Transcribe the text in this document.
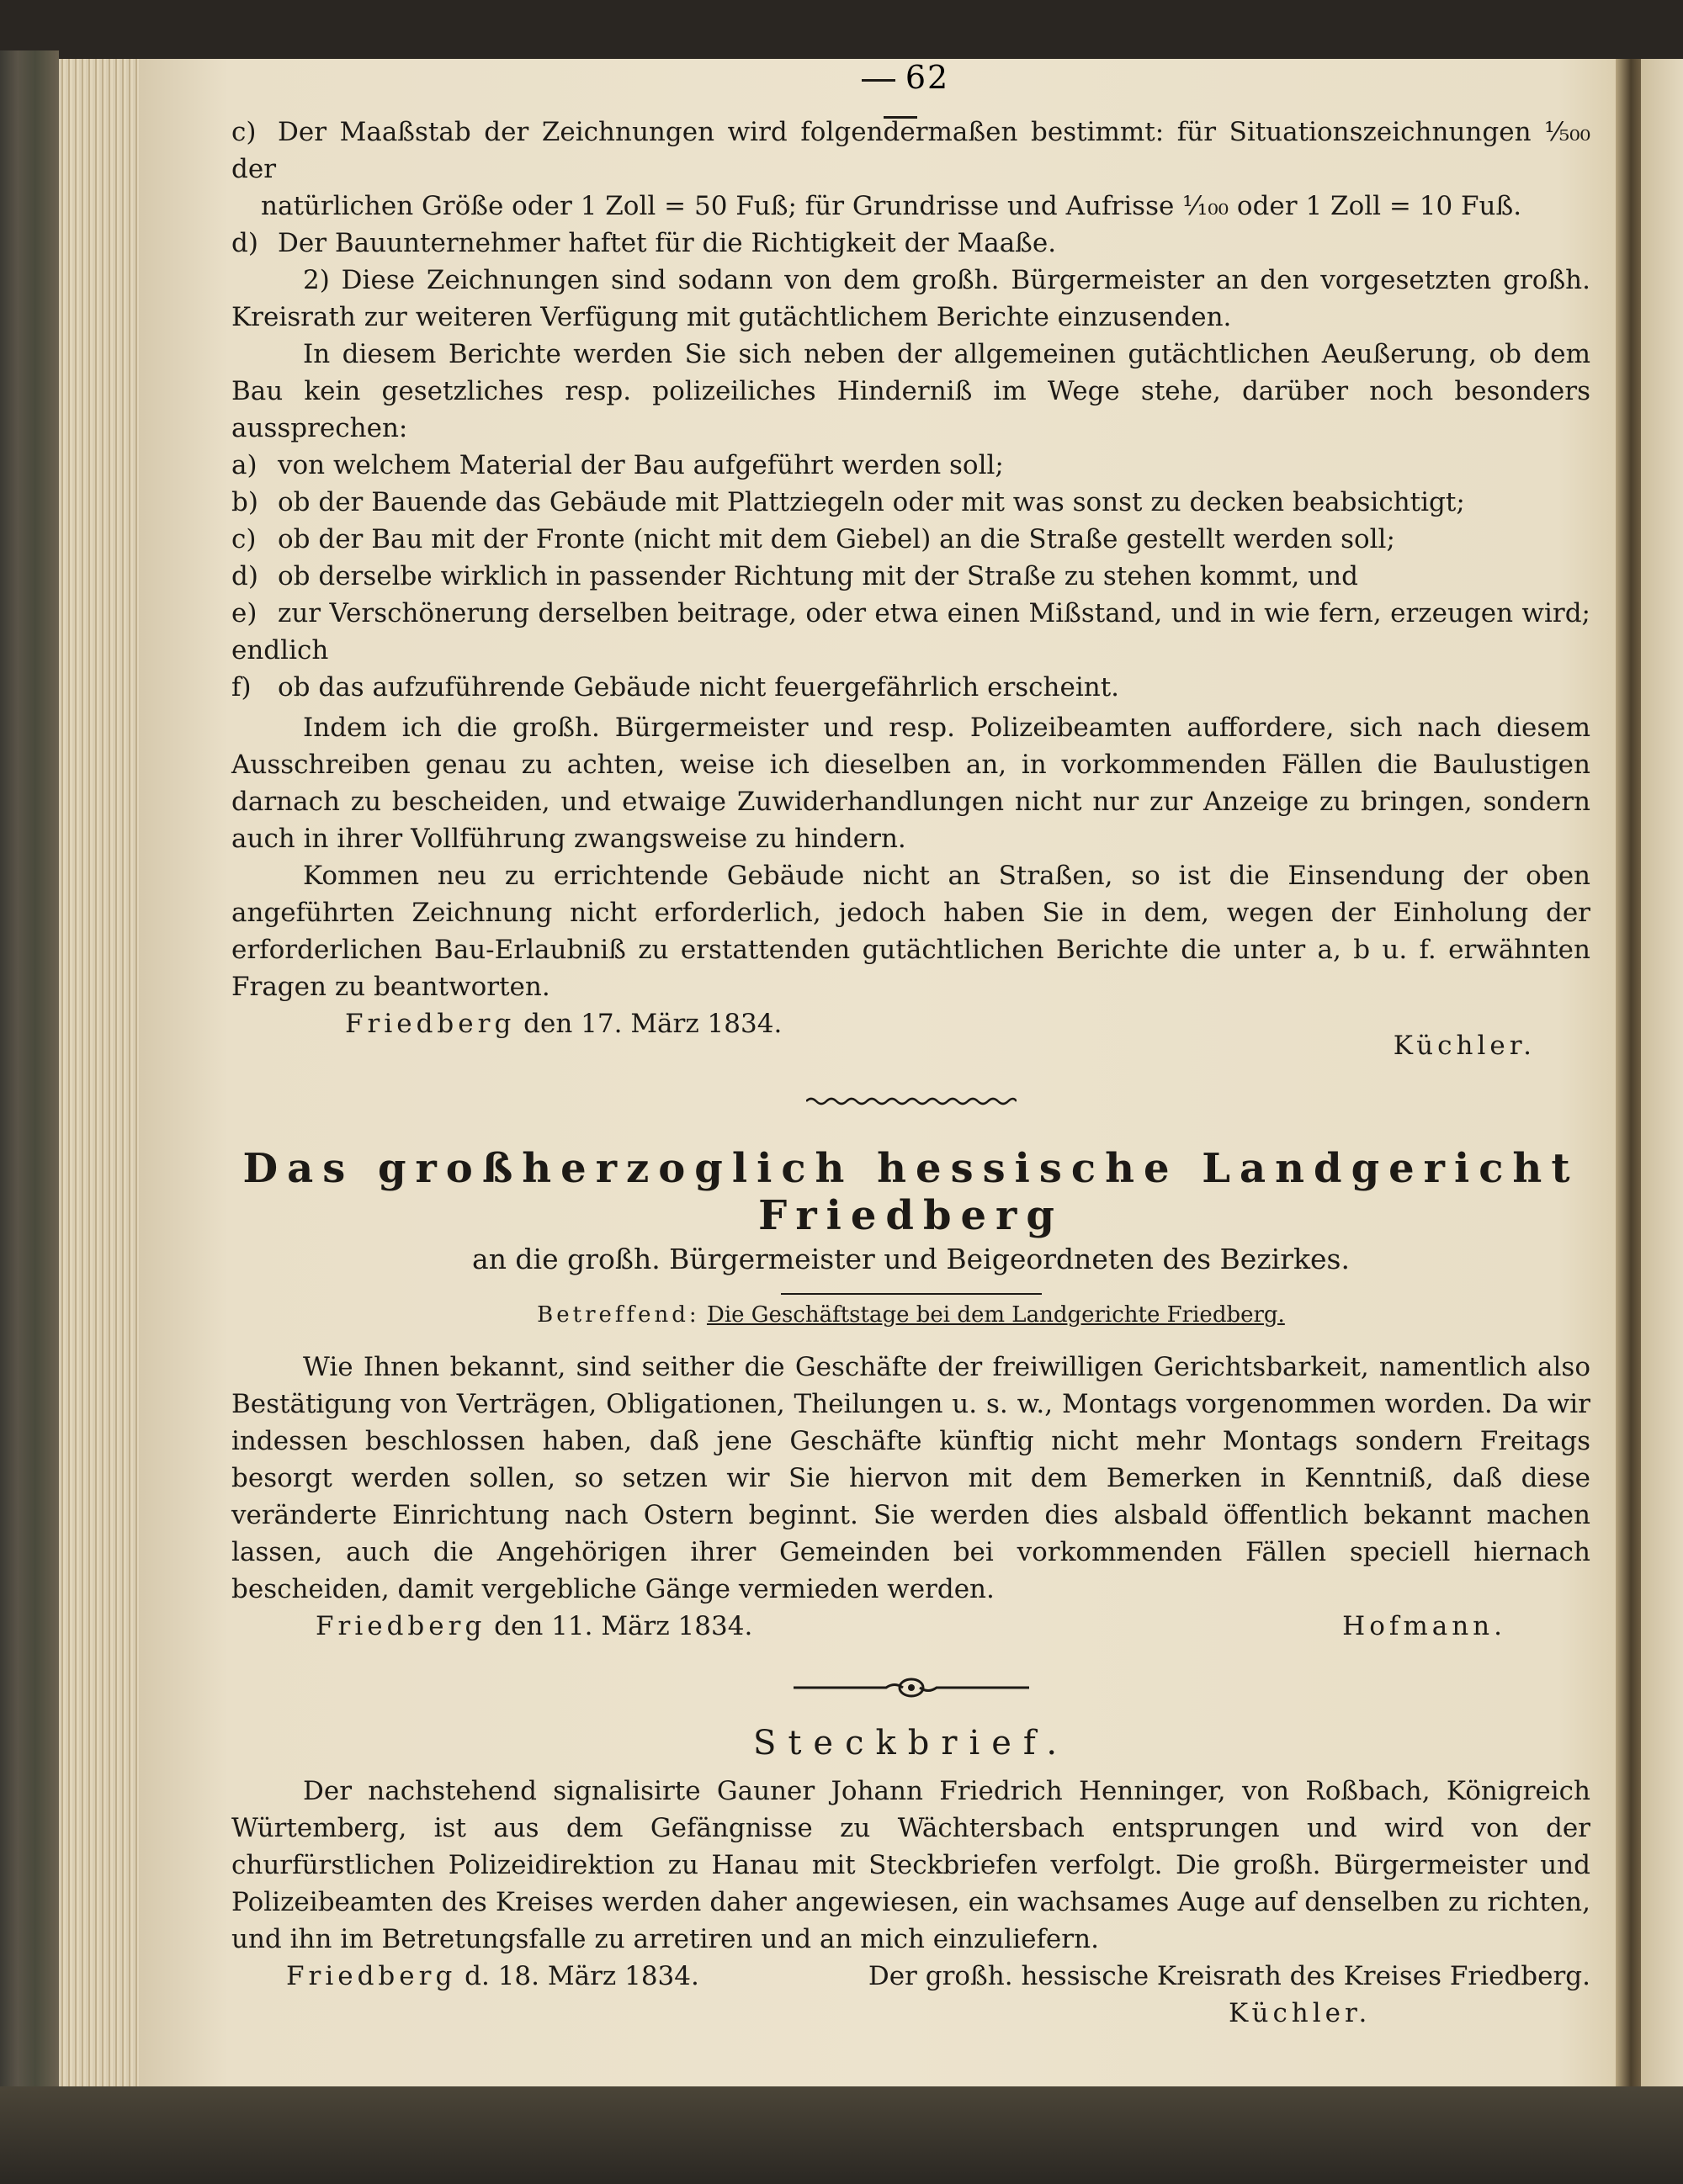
62
c) Der Maaßstab der Zeichnungen wird folgendermaßen bestimmt: für Situationszeichnungen ¹⁄₅₀₀ der
natürlichen Größe oder 1 Zoll = 50 Fuß; für Grundrisse und Aufrisse ¹⁄₁₀₀ oder 1 Zoll = 10 Fuß.
d) Der Bauunternehmer haftet für die Richtigkeit der Maaße.

2) Diese Zeichnungen sind sodann von dem großh. Bürgermeister an den vorgesetzten großh. Kreisrath zur weiteren Verfügung mit gutächtlichem Berichte einzusenden.

In diesem Berichte werden Sie sich neben der allgemeinen gutächtlichen Aeußerung, ob dem Bau kein gesetzliches resp. polizeiliches Hinderniß im Wege stehe, darüber noch besonders aussprechen:

a) von welchem Material der Bau aufgeführt werden soll;
b) ob der Bauende das Gebäude mit Plattziegeln oder mit was sonst zu decken beabsichtigt;
c) ob der Bau mit der Fronte (nicht mit dem Giebel) an die Straße gestellt werden soll;
d) ob derselbe wirklich in passender Richtung mit der Straße zu stehen kommt, und
e) zur Verschönerung derselben beitrage, oder etwa einen Mißstand, und in wie fern, erzeugen wird; endlich
f) ob das aufzuführende Gebäude nicht feuergefährlich erscheint.

Indem ich die großh. Bürgermeister und resp. Polizeibeamten auffordere, sich nach diesem Ausschreiben genau zu achten, weise ich dieselben an, in vorkommenden Fällen die Baulustigen darnach zu bescheiden, und etwaige Zuwiderhandlungen nicht nur zur Anzeige zu bringen, sondern auch in ihrer Vollführung zwangsweise zu hindern.

Kommen neu zu errichtende Gebäude nicht an Straßen, so ist die Einsendung der oben angeführten Zeichnung nicht erforderlich, jedoch haben Sie in dem, wegen der Einholung der erforderlichen Bau-Erlaubniß zu erstattenden gutächtlichen Berichte die unter a, b u. f. erwähnten Fragen zu beantworten.

Friedberg den 17. März 1834.
Küchler.
Das großherzoglich hessische Landgericht Friedberg
an die großh. Bürgermeister und Beigeordneten des Bezirkes.
Betreffend: Die Geschäftstage bei dem Landgerichte Friedberg.

Wie Ihnen bekannt, sind seither die Geschäfte der freiwilligen Gerichtsbarkeit, namentlich also Bestätigung von Verträgen, Obligationen, Theilungen u. s. w., Montags vorgenommen worden. Da wir indessen beschlossen haben, daß jene Geschäfte künftig nicht mehr Montags sondern Freitags besorgt werden sollen, so setzen wir Sie hiervon mit dem Bemerken in Kenntniß, daß diese veränderte Einrichtung nach Ostern beginnt. Sie werden dies alsbald öffentlich bekannt machen lassen, auch die Angehörigen ihrer Gemeinden bei vorkommenden Fällen speciell hiernach bescheiden, damit vergebliche Gänge vermieden werden.

Friedberg den 11. März 1834.	Hofmann.
Steckbrief.

Der nachstehend signalisirte Gauner Johann Friedrich Henninger, von Roßbach, Königreich Würtemberg, ist aus dem Gefängnisse zu Wächtersbach entsprungen und wird von der churfürstlichen Polizeidirektion zu Hanau mit Steckbriefen verfolgt. Die großh. Bürgermeister und Polizeibeamten des Kreises werden daher angewiesen, ein wachsames Auge auf denselben zu richten, und ihn im Betretungsfalle zu arretiren und an mich einzuliefern.

Friedberg d. 18. März 1834.	Der großh. hessische Kreisrath des Kreises Friedberg.
Küchler.
